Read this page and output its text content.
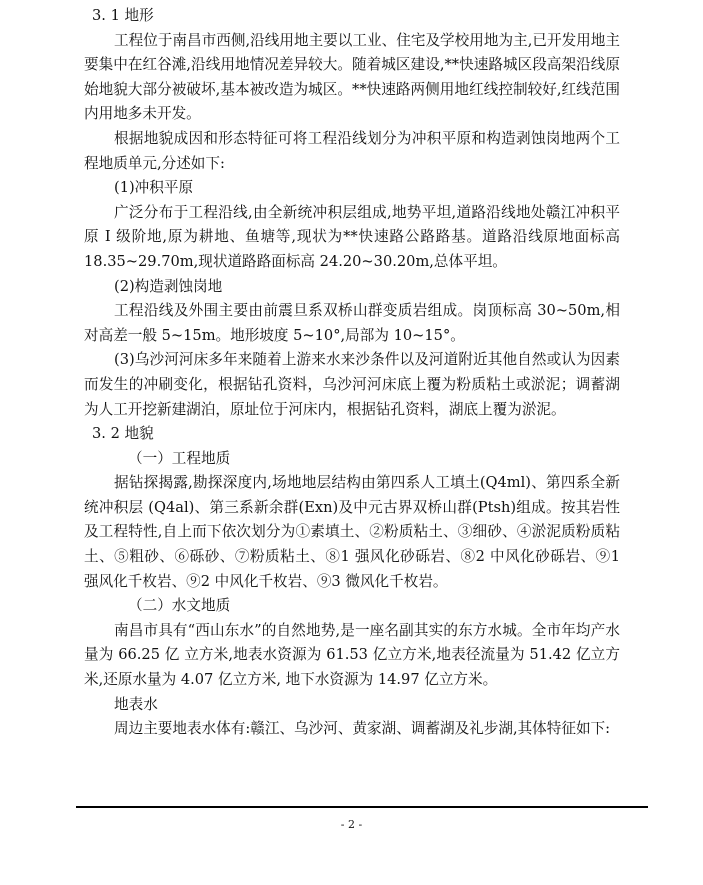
3. 1 地形

工程位于南昌市西侧,沿线用地主要以工业、住宅及学校用地为主,已开发用地主要集中在红谷滩,沿线用地情况差异较大。随着城区建设,**快速路城区段高架沿线原始地貌大部分被破坏,基本被改造为城区。**快速路两侧用地红线控制较好,红线范围内用地多未开发。

根据地貌成因和形态特征可将工程沿线划分为冲积平原和构造剥蚀岗地两个工程地质单元,分述如下:

(1)冲积平原

广泛分布于工程沿线,由全新统冲积层组成,地势平坦,道路沿线地处赣江冲积平原 I 级阶地,原为耕地、鱼塘等,现状为**快速路公路路基。道路沿线原地面标高18.35~29.70m,现状道路路面标高 24.20~30.20m,总体平坦。

(2)构造剥蚀岗地

工程沿线及外围主要由前震旦系双桥山群变质岩组成。岗顶标高 30~50m,相对高差一般 5~15m。地形坡度 5~10°,局部为 10~15°。

(3)乌沙河河床多年来随着上游来水来沙条件以及河道附近其他自然或认为因素而发生的冲刷变化，根据钻孔资料，乌沙河河床底上覆为粉质粘土或淤泥；调蓄湖为人工开挖新建湖泊，原址位于河床内，根据钻孔资料，湖底上覆为淤泥。

3. 2 地貌

（一）工程地质

据钻探揭露,勘探深度内,场地地层结构由第四系人工填土(Q4ml)、第四系全新统冲积层 (Q4al)、第三系新余群(Exn)及中元古界双桥山群(Ptsh)组成。按其岩性及工程特性,自上而下依次划分为①素填土、②粉质粘土、③细砂、④淤泥质粉质粘土、⑤粗砂、⑥砾砂、⑦粉质粘土、⑧1 强风化砂砾岩、⑧2 中风化砂砾岩、⑨1 强风化千枚岩、⑨2 中风化千枚岩、⑨3 微风化千枚岩。

（二）水文地质

南昌市具有“西山东水”的自然地势,是一座名副其实的东方水城。全市年均产水量为 66.25 亿 立方米,地表水资源为 61.53 亿立方米,地表径流量为 51.42 亿立方米,还原水量为 4.07 亿立方米, 地下水资源为 14.97 亿立方米。

地表水

周边主要地表水体有:赣江、乌沙河、黄家湖、调蓄湖及礼步湖,其体特征如下:

- 2 -
